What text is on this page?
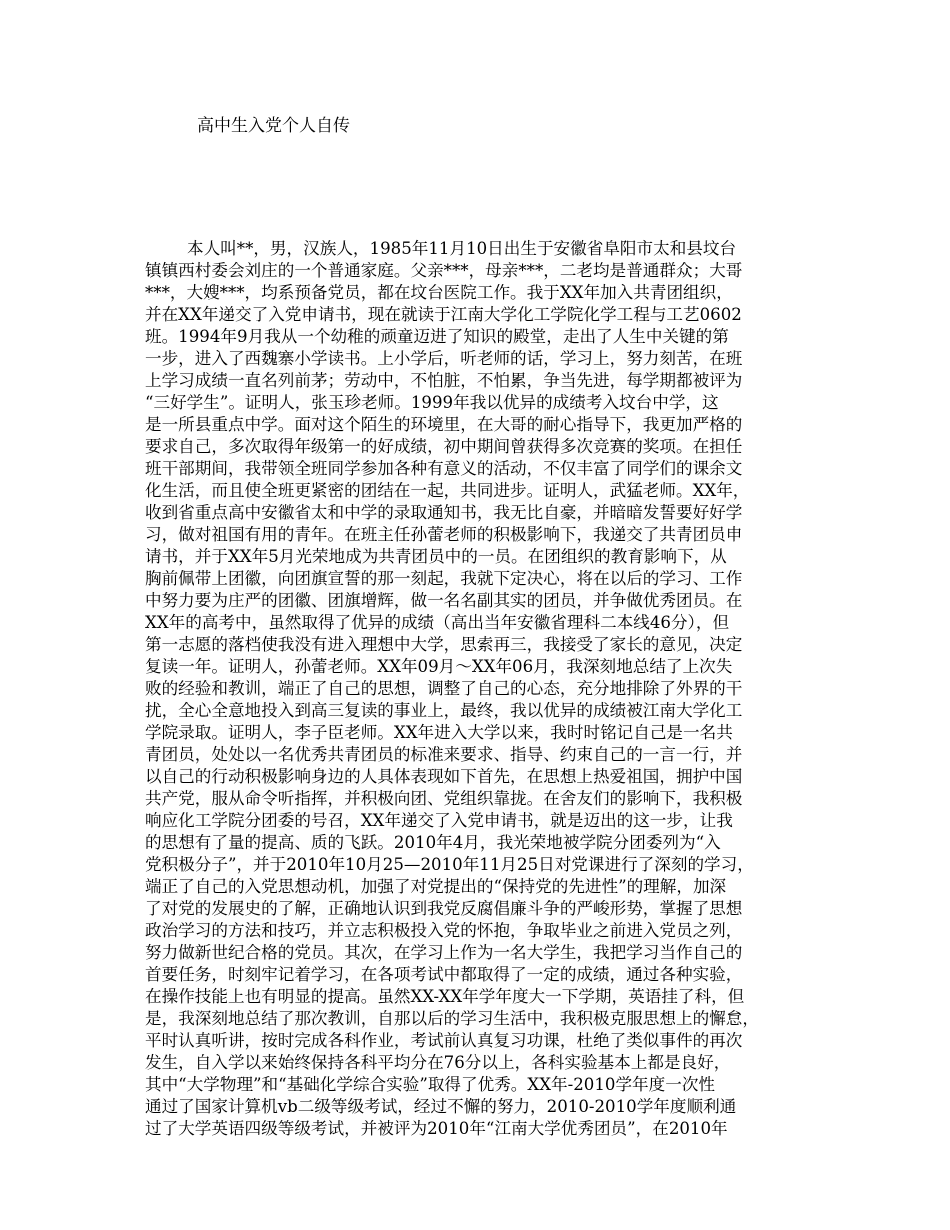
高中生入党个人自传
本人叫**，男，汉族人，1985年11月10日出生于安徽省阜阳市太和县坟台
镇镇西村委会刘庄的一个普通家庭。父亲***，母亲***，二老均是普通群众；大哥
***，大嫂***，均系预备党员，都在坟台医院工作。我于XX年加入共青团组织，
并在XX年递交了入党申请书，现在就读于江南大学化工学院化学工程与工艺0602
班。1994年9月我从一个幼稚的顽童迈进了知识的殿堂，走出了人生中关键的第
一步，进入了西魏寨小学读书。上小学后，听老师的话，学习上，努力刻苦，在班
上学习成绩一直名列前茅；劳动中，不怕脏，不怕累，争当先进，每学期都被评为
“三好学生”。证明人，张玉珍老师。1999年我以优异的成绩考入坟台中学，这
是一所县重点中学。面对这个陌生的环境里，在大哥的耐心指导下，我更加严格的
要求自己，多次取得年级第一的好成绩，初中期间曾获得多次竞赛的奖项。在担任
班干部期间，我带领全班同学参加各种有意义的活动，不仅丰富了同学们的课余文
化生活，而且使全班更紧密的团结在一起，共同进步。证明人，武猛老师。XX年，
收到省重点高中安徽省太和中学的录取通知书，我无比自豪，并暗暗发誓要好好学
习，做对祖国有用的青年。在班主任孙蕾老师的积极影响下，我递交了共青团员申
请书，并于XX年5月光荣地成为共青团员中的一员。在团组织的教育影响下，从
胸前佩带上团徽，向团旗宣誓的那一刻起，我就下定决心，将在以后的学习、工作
中努力要为庄严的团徽、团旗增辉，做一名名副其实的团员，并争做优秀团员。在
XX年的高考中，虽然取得了优异的成绩（高出当年安徽省理科二本线46分），但
第一志愿的落档使我没有进入理想中大学，思索再三，我接受了家长的意见，决定
复读一年。证明人，孙蕾老师。XX年09月～XX年06月，我深刻地总结了上次失
败的经验和教训，端正了自己的思想，调整了自己的心态，充分地排除了外界的干
扰，全心全意地投入到高三复读的事业上，最终，我以优异的成绩被江南大学化工
学院录取。证明人，李子臣老师。XX年进入大学以来，我时时铭记自己是一名共
青团员，处处以一名优秀共青团员的标准来要求、指导、约束自己的一言一行，并
以自己的行动积极影响身边的人具体表现如下首先，在思想上热爱祖国，拥护中国
共产党，服从命令听指挥，并积极向团、党组织靠拢。在舍友们的影响下，我积极
响应化工学院分团委的号召，XX年递交了入党申请书，就是迈出的这一步，让我
的思想有了量的提高、质的飞跃。2010年4月，我光荣地被学院分团委列为“入
党积极分子”，并于2010年10月25—2010年11月25日对党课进行了深刻的学习，
端正了自己的入党思想动机，加强了对党提出的“保持党的先进性”的理解，加深
了对党的发展史的了解，正确地认识到我党反腐倡廉斗争的严峻形势，掌握了思想
政治学习的方法和技巧，并立志积极投入党的怀抱，争取毕业之前进入党员之列，
努力做新世纪合格的党员。其次，在学习上作为一名大学生，我把学习当作自己的
首要任务，时刻牢记着学习，在各项考试中都取得了一定的成绩，通过各种实验，
在操作技能上也有明显的提高。虽然XX-XX年学年度大一下学期，英语挂了科，但
是，我深刻地总结了那次教训，自那以后的学习生活中，我积极克服思想上的懈怠，
平时认真听讲，按时完成各科作业，考试前认真复习功课，杜绝了类似事件的再次
发生，自入学以来始终保持各科平均分在76分以上，各科实验基本上都是良好，
其中“大学物理”和“基础化学综合实验”取得了优秀。XX年-2010学年度一次性
通过了国家计算机vb二级等级考试，经过不懈的努力，2010-2010学年度顺利通
过了大学英语四级等级考试，并被评为2010年“江南大学优秀团员”，在2010年
